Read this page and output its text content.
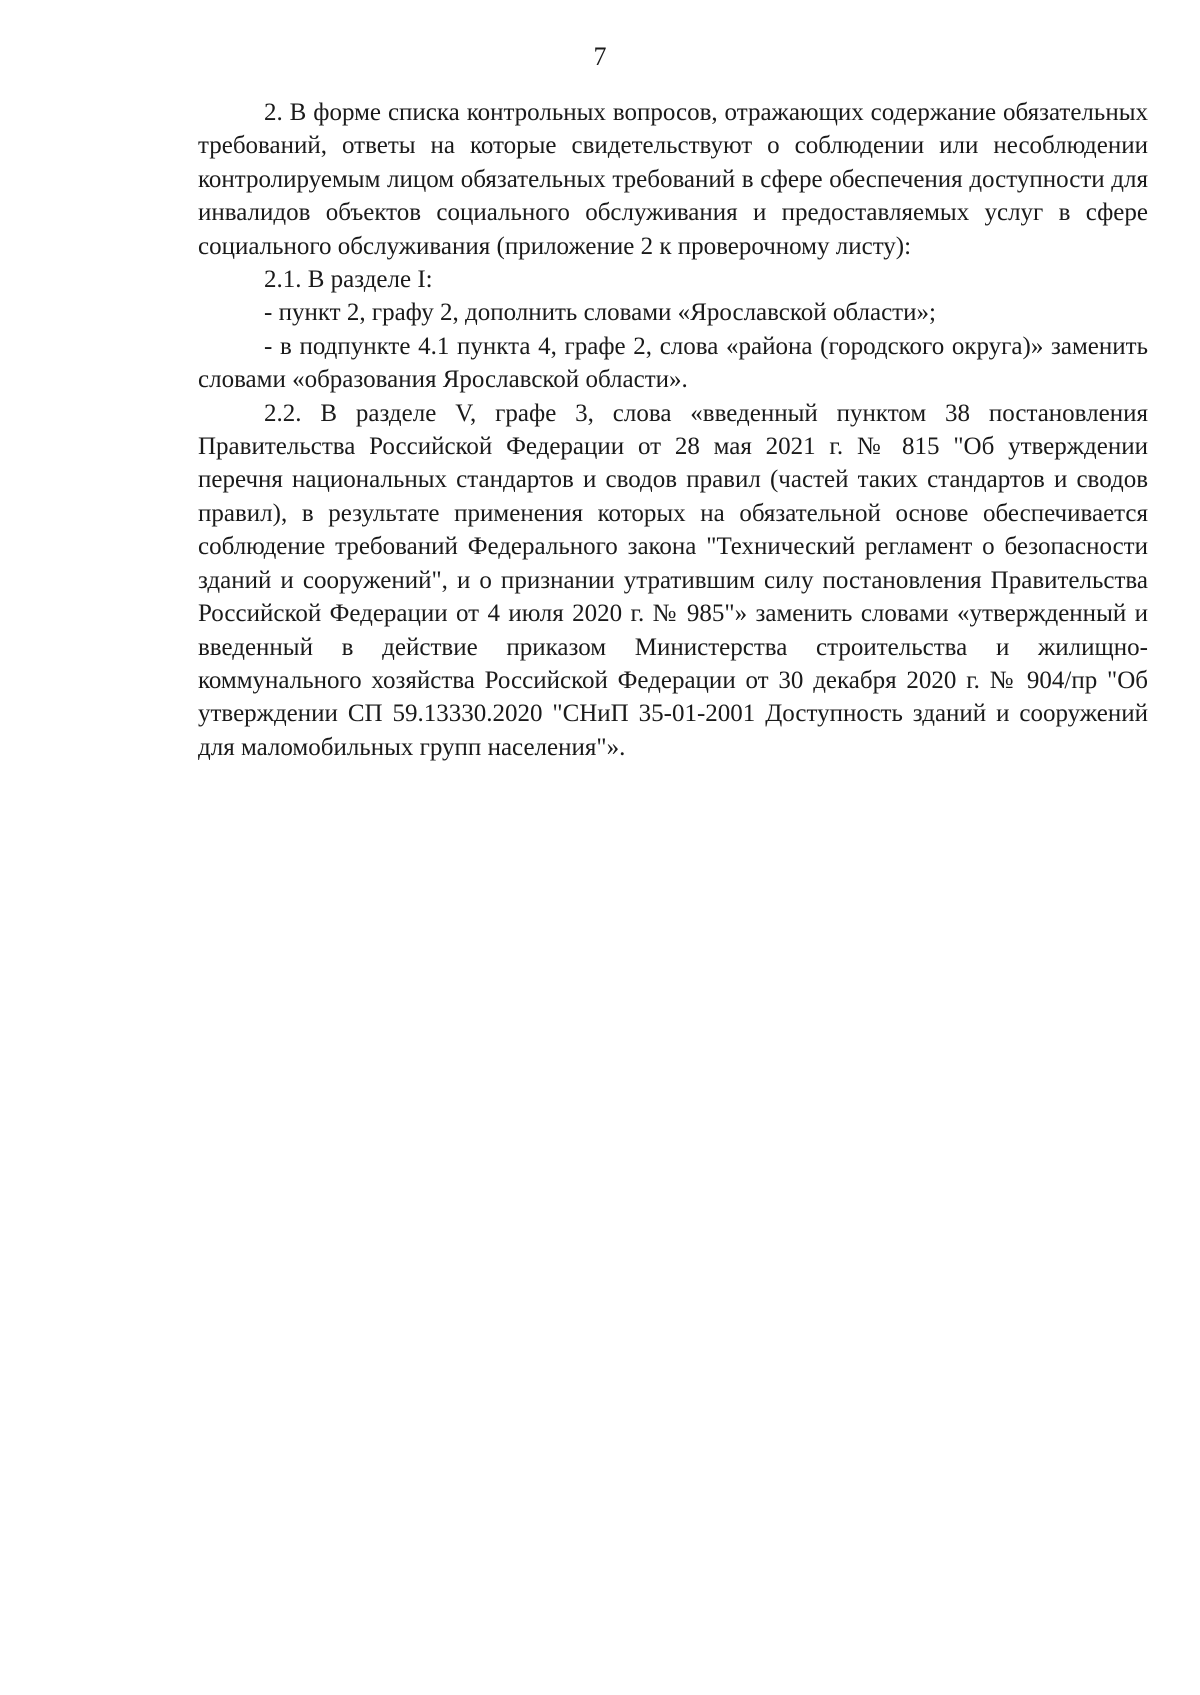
7

2. В форме списка контрольных вопросов, отражающих содержание обязательных требований, ответы на которые свидетельствуют о соблюдении или несоблюдении контролируемым лицом обязательных требований в сфере обеспечения доступности для инвалидов объектов социального обслуживания и предоставляемых услуг в сфере социального обслуживания (приложение 2 к проверочному листу):

2.1. В разделе I:

- пункт 2, графу 2, дополнить словами «Ярославской области»;

- в подпункте 4.1 пункта 4, графе 2, слова «района (городского округа)» заменить словами «образования Ярославской области».

2.2. В разделе V, графе 3, слова «введенный пунктом 38 постановления Правительства Российской Федерации от 28 мая 2021 г. № 815 "Об утверждении перечня национальных стандартов и сводов правил (частей таких стандартов и сводов правил), в результате применения которых на обязательной основе обеспечивается соблюдение требований Федерального закона "Технический регламент о безопасности зданий и сооружений", и о признании утратившим силу постановления Правительства Российской Федерации от 4 июля 2020 г. № 985"» заменить словами «утвержденный и введенный в действие приказом Министерства строительства и жилищно-коммунального хозяйства Российской Федерации от 30 декабря 2020 г. № 904/пр "Об утверждении СП 59.13330.2020 "СНиП 35-01-2001 Доступность зданий и сооружений для маломобильных групп населения"».
